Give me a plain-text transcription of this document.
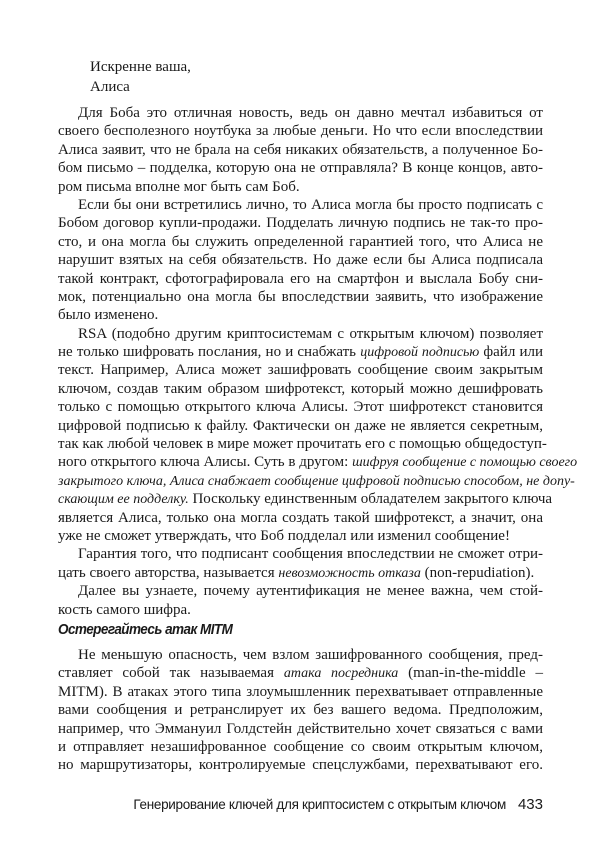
Искренне ваша,
Алиса
Для Боба это отличная новость, ведь он давно мечтал избавиться от
своего бесполезного ноутбука за любые деньги. Но что если впоследствии
Алиса заявит, что не брала на себя никаких обязательств, а полученное Бо-
бом письмо – подделка, которую она не отправляла? В конце концов, авто-
ром письма вполне мог быть сам Боб.
Если бы они встретились лично, то Алиса могла бы просто подписать с
Бобом договор купли-продажи. Подделать личную подпись не так-то про-
сто, и она могла бы служить определенной гарантией того, что Алиса не
нарушит взятых на себя обязательств. Но даже если бы Алиса подписала
такой контракт, сфотографировала его на смартфон и выслала Бобу сни-
мок, потенциально она могла бы впоследствии заявить, что изображение
было изменено.
RSA (подобно другим криптосистемам с открытым ключом) позволяет
не только шифровать послания, но и снабжать цифровой подписью файл или
текст. Например, Алиса может зашифровать сообщение своим закрытым
ключом, создав таким образом шифротекст, который можно дешифровать
только с помощью открытого ключа Алисы. Этот шифротекст становится
цифровой подписью к файлу. Фактически он даже не является секретным,
так как любой человек в мире может прочитать его с помощью общедоступ-
ного открытого ключа Алисы. Суть в другом: шифруя сообщение с помощью своего
закрытого ключа, Алиса снабжает сообщение цифровой подписью способом, не допу-
скающим ее подделку. Поскольку единственным обладателем закрытого ключа
является Алиса, только она могла создать такой шифротекст, а значит, она
уже не сможет утверждать, что Боб подделал или изменил сообщение!
Гарантия того, что подписант сообщения впоследствии не сможет отри-
цать своего авторства, называется невозможность отказа (non-repudiation).
Далее вы узнаете, почему аутентификация не менее важна, чем стой-
кость самого шифра.
Остерегайтесь атак MITM
Не меньшую опасность, чем взлом зашифрованного сообщения, пред-
ставляет собой так называемая атака посредника (man-in-the-middle –
MITM). В атаках этого типа злоумышленник перехватывает отправленные
вами сообщения и ретранслирует их без вашего ведома. Предположим,
например, что Эммануил Голдстейн действительно хочет связаться с вами
и отправляет незашифрованное сообщение со своим открытым ключом,
но маршрутизаторы, контролируемые спецслужбами, перехватывают его.
Генерирование ключей для криптосистем с открытым ключом 433
